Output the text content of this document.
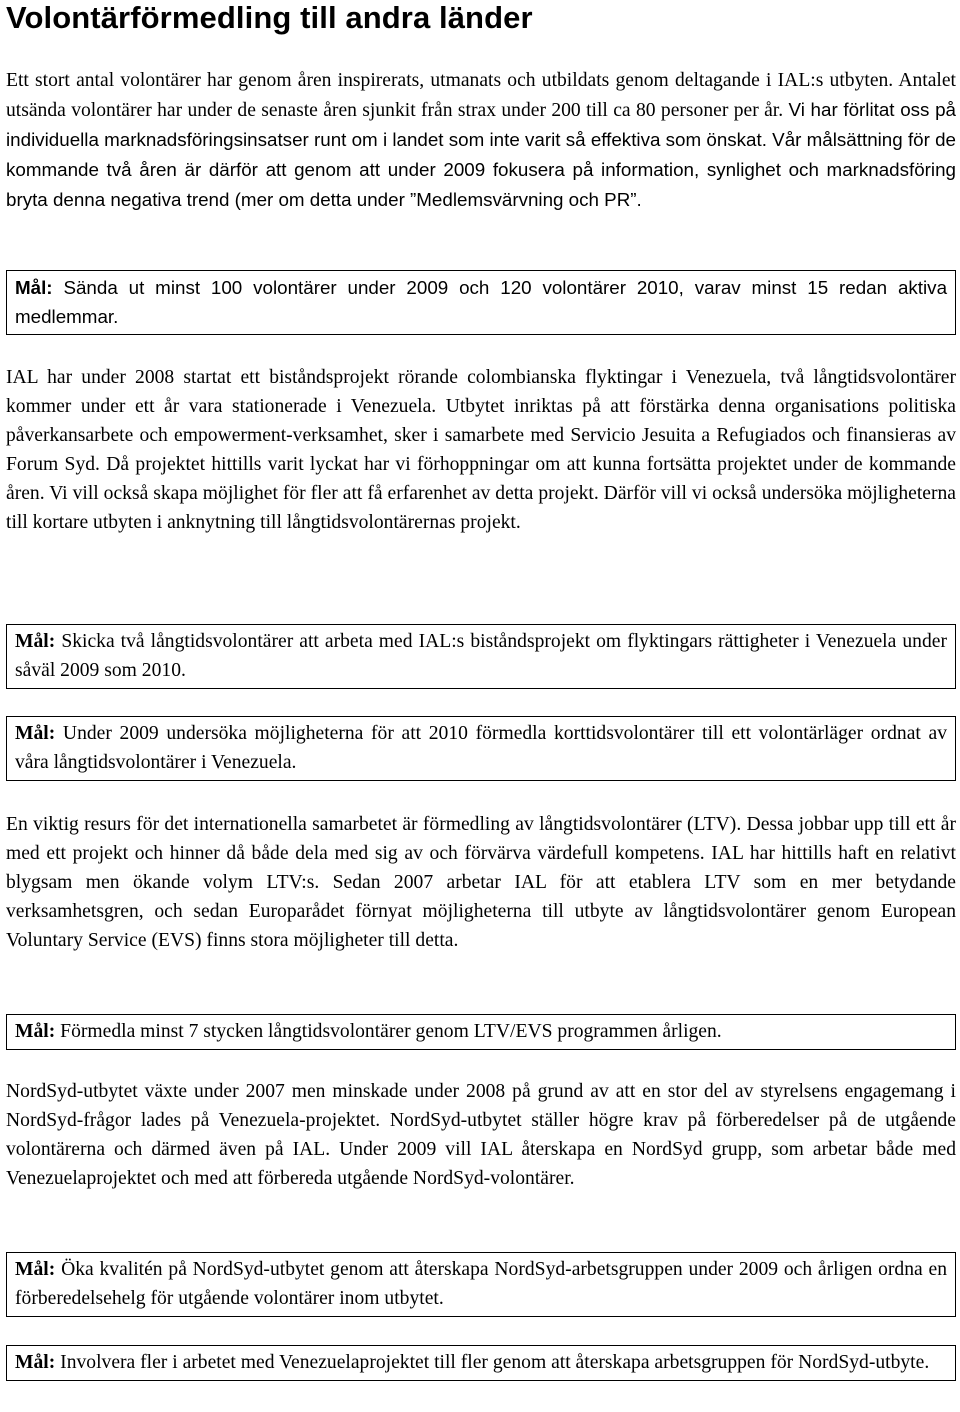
Volontärförmedling till andra länder

Ett stort antal volontärer har genom åren inspirerats, utmanats och utbildats genom deltagande i IAL:s utbyten. Antalet utsända volontärer har under de senaste åren sjunkit från strax under 200 till ca 80 personer per år. Vi har förlitat oss på individuella marknadsföringsinsatser runt om i landet som inte varit så effektiva som önskat. Vår målsättning för de kommande två åren är därför att genom att under 2009 fokusera på information, synlighet och marknadsföring bryta denna negativa trend (mer om detta under ”Medlemsvärvning och PR”.

Mål: Sända ut minst 100 volontärer under 2009 och 120 volontärer 2010, varav minst 15 redan aktiva medlemmar.

IAL har under 2008 startat ett biståndsprojekt rörande colombianska flyktingar i Venezuela, två långtidsvolontärer kommer under ett år vara stationerade i Venezuela. Utbytet inriktas på att förstärka denna organisations politiska påverkansarbete och empowerment-verksamhet, sker i samarbete med Servicio Jesuita a Refugiados och finansieras av Forum Syd. Då projektet hittills varit lyckat har vi förhoppningar om att kunna fortsätta projektet under de kommande åren. Vi vill också skapa möjlighet för fler att få erfarenhet av detta projekt. Därför vill vi också undersöka möjligheterna till kortare utbyten i anknytning till långtidsvolontärernas projekt.

Mål: Skicka två långtidsvolontärer att arbeta med IAL:s biståndsprojekt om flyktingars rättigheter i Venezuela under såväl 2009 som 2010.
Mål: Under 2009 undersöka möjligheterna för att 2010 förmedla korttidsvolontärer till ett volontärläger ordnat av våra långtidsvolontärer i Venezuela.

En viktig resurs för det internationella samarbetet är förmedling av långtidsvolontärer (LTV). Dessa jobbar upp till ett år med ett projekt och hinner då både dela med sig av och förvärva värdefull kompetens. IAL har hittills haft en relativt blygsam men ökande volym LTV:s. Sedan 2007 arbetar IAL för att etablera LTV som en mer betydande verksamhetsgren, och sedan Europarådet förnyat möjligheterna till utbyte av långtidsvolontärer genom European Voluntary Service (EVS) finns stora möjligheter till detta.

Mål: Förmedla minst 7 stycken långtidsvolontärer genom LTV/EVS programmen årligen.

NordSyd-utbytet växte under 2007 men minskade under 2008 på grund av att en stor del av styrelsens engagemang i NordSyd-frågor lades på Venezuela-projektet. NordSyd-utbytet ställer högre krav på förberedelser på de utgående volontärerna och därmed även på IAL. Under 2009 vill IAL återskapa en NordSyd grupp, som arbetar både med Venezuelaprojektet och med att förbereda utgående NordSyd-volontärer.

Mål: Öka kvalitén på NordSyd-utbytet genom att återskapa NordSyd-arbetsgruppen under 2009 och årligen ordna en förberedelsehelg för utgående volontärer inom utbytet.
Mål: Involvera fler i arbetet med Venezuelaprojektet till fler genom att återskapa arbetsgruppen för NordSyd-utbyte.
